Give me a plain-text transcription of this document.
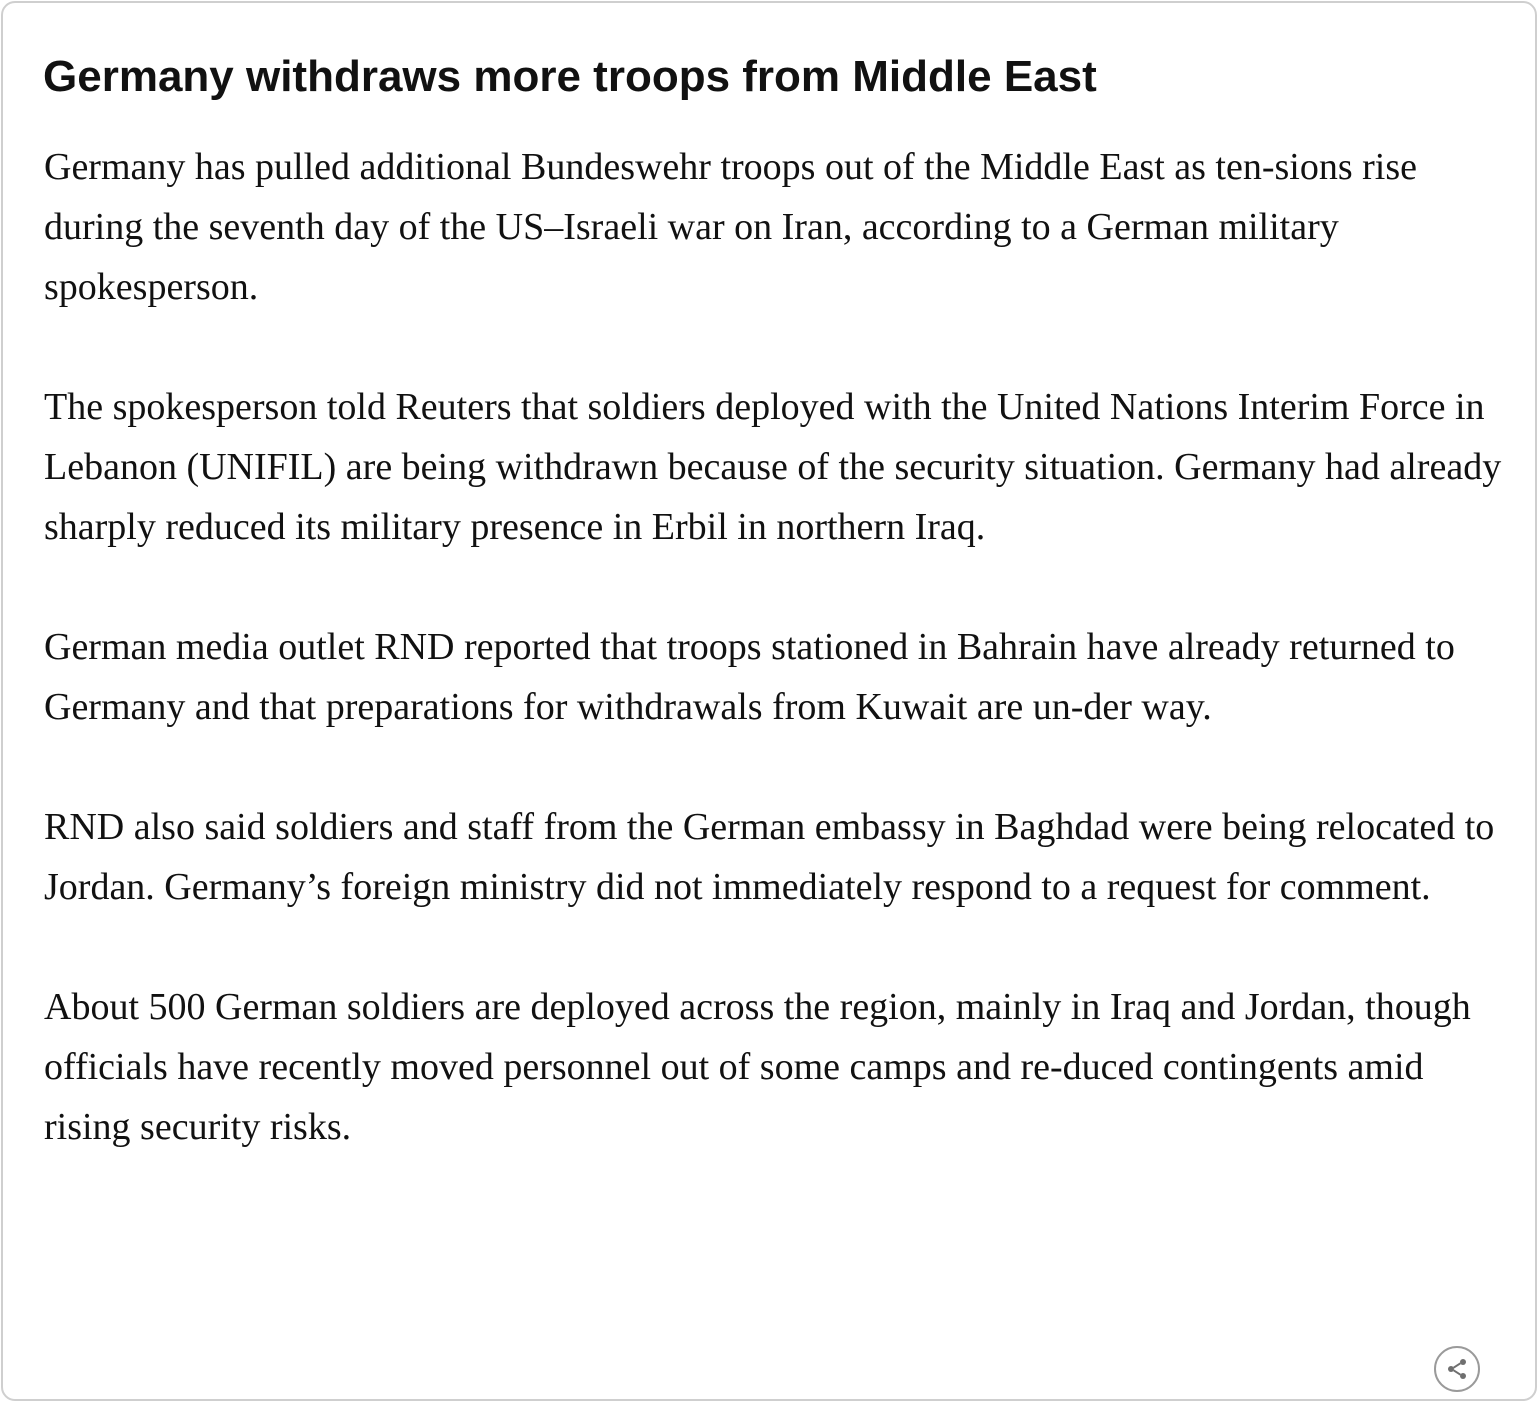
Germany withdraws more troops from Middle East

Germany has pulled additional Bundeswehr troops out of the Middle East as ten-sions rise during the seventh day of the US–Israeli war on Iran, according to a German military spokesperson.

The spokesperson told Reuters that soldiers deployed with the United Nations Interim Force in Lebanon (UNIFIL) are being withdrawn because of the security situation. Germany had already sharply reduced its military presence in Erbil in northern Iraq.

German media outlet RND reported that troops stationed in Bahrain have already returned to Germany and that preparations for withdrawals from Kuwait are un-der way.

RND also said soldiers and staff from the German embassy in Baghdad were being relocated to Jordan. Germany’s foreign ministry did not immediately respond to a request for comment.

About 500 German soldiers are deployed across the region, mainly in Iraq and Jordan, though officials have recently moved personnel out of some camps and re-duced contingents amid rising security risks.
